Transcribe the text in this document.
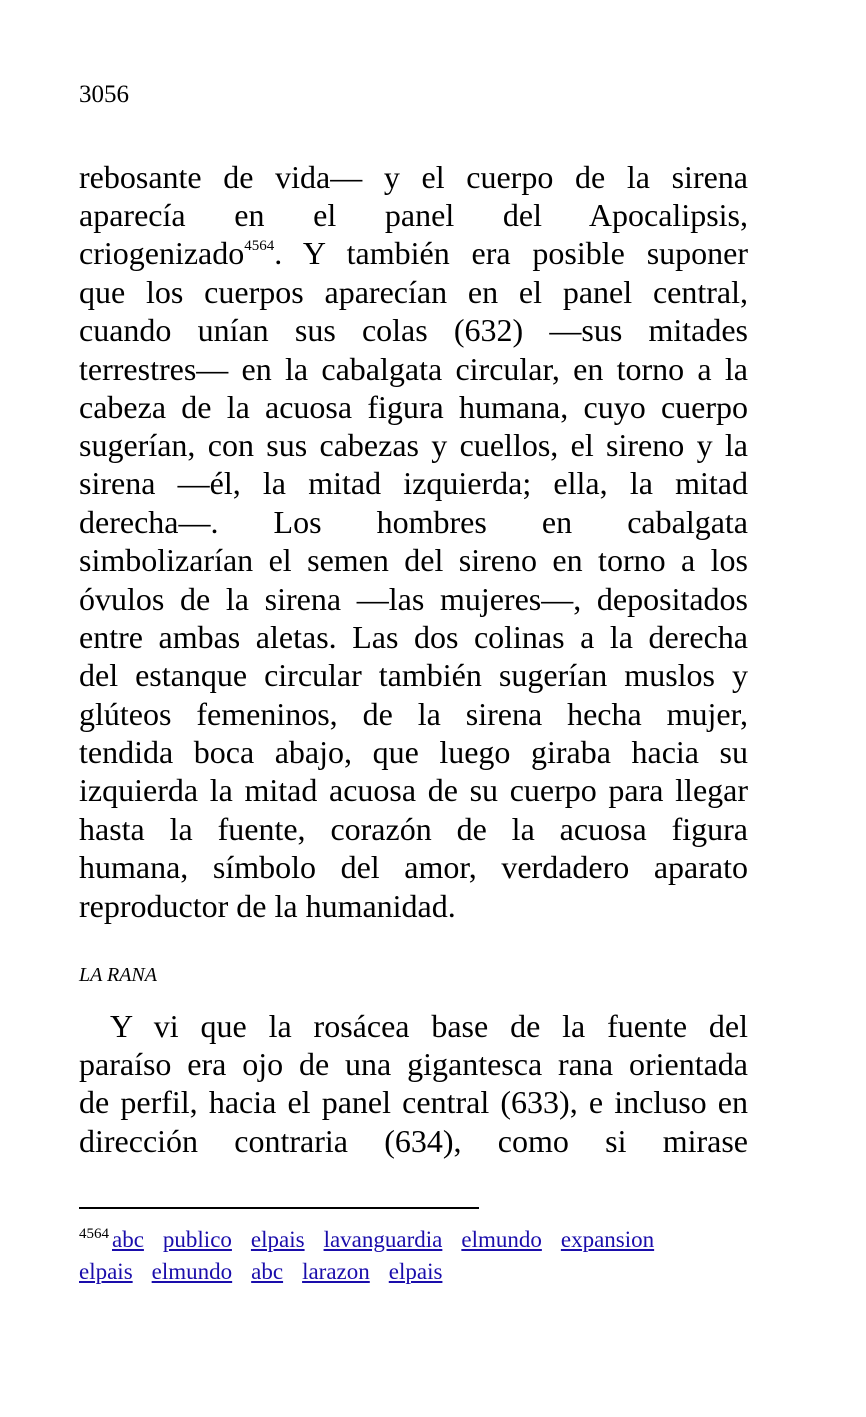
3056
rebosante de vida— y el cuerpo de la sirena
aparecía en el panel del Apocalipsis,
criogenizado$^{4564}$. Y también era posible suponer
que los cuerpos aparecían en el panel central,
cuando unían sus colas (632) —sus mitades
terrestres— en la cabalgata circular, en torno a la
cabeza de la acuosa figura humana, cuyo cuerpo
sugerían, con sus cabezas y cuellos, el sireno y la
sirena —él, la mitad izquierda; ella, la mitad
derecha—. Los hombres en cabalgata
simbolizarían el semen del sireno en torno a los
óvulos de la sirena —las mujeres—, depositados
entre ambas aletas. Las dos colinas a la derecha
del estanque circular también sugerían muslos y
glúteos femeninos, de la sirena hecha mujer,
tendida boca abajo, que luego giraba hacia su
izquierda la mitad acuosa de su cuerpo para llegar
hasta la fuente, corazón de la acuosa figura
humana, símbolo del amor, verdadero aparato
reproductor de la humanidad.
LA RANA
Y vi que la rosácea base de la fuente del
paraíso era ojo de una gigantesca rana orientada
de perfil, hacia el panel central (633), e incluso en
dirección contraria (634), como si mirase
$^{4564}$ abc publico elpais lavanguardia elmundo expansion
elpais elmundo abc larazon elpais
